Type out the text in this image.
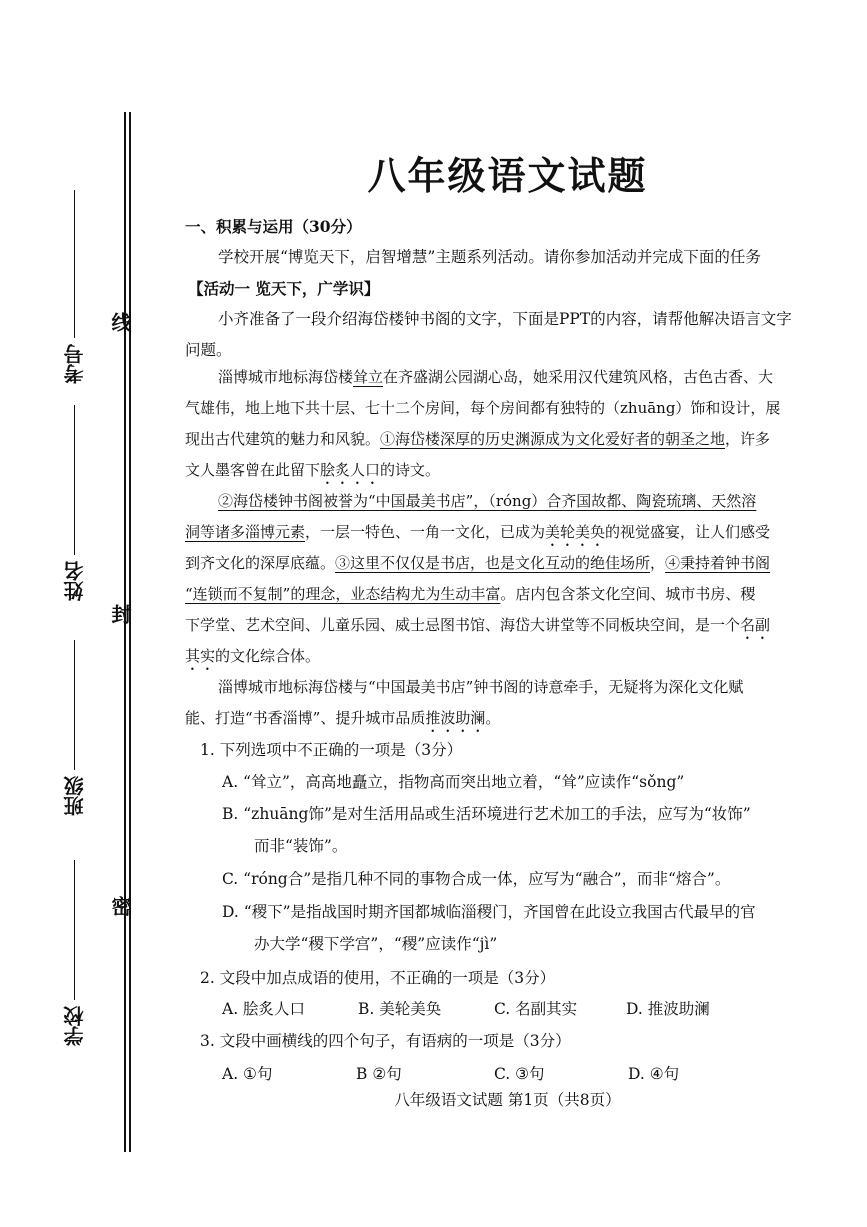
线
封
密
考号
姓名
班级
学校
八年级语文试题
一、积累与运用（30分）
学校开展“博览天下，启智增慧”主题系列活动。请你参加活动并完成下面的任务
【活动一 览天下，广学识】
小齐准备了一段介绍海岱楼钟书阁的文字，下面是PPT的内容，请帮他解决语言文字
问题。
淄博城市地标海岱楼耸立在齐盛湖公园湖心岛，她采用汉代建筑风格，古色古香、大
气雄伟，地上地下共十层、七十二个房间，每个房间都有独特的（zhuāng）饰和设计，展
现出古代建筑的魅力和风貌。①海岱楼深厚的历史渊源成为文化爱好者的朝圣之地，许多
文人墨客曾在此留下脍炙人口的诗文。
②海岱楼钟书阁被誉为“中国最美书店”，（róng）合齐国故都、陶瓷琉璃、天然溶
洞等诸多淄博元素，一层一特色、一角一文化，已成为美轮美奂的视觉盛宴，让人们感受
到齐文化的深厚底蕴。③这里不仅仅是书店，也是文化互动的绝佳场所，④秉持着钟书阁
“连锁而不复制”的理念，业态结构尤为生动丰富。店内包含茶文化空间、城市书房、稷
下学堂、艺术空间、儿童乐园、威士忌图书馆、海岱大讲堂等不同板块空间，是一个名副
其实的文化综合体。
淄博城市地标海岱楼与“中国最美书店”钟书阁的诗意牵手，无疑将为深化文化赋
能、打造“书香淄博”、提升城市品质推波助澜。
1. 下列选项中不正确的一项是（3分）
A. “耸立”，高高地矗立，指物高而突出地立着，“耸”应读作“sǒng”
B. “zhuāng饰”是对生活用品或生活环境进行艺术加工的手法，应写为“妆饰”
而非“装饰”。
C. “róng合”是指几种不同的事物合成一体，应写为“融合”，而非“熔合”。
D. “稷下”是指战国时期齐国都城临淄稷门，齐国曾在此设立我国古代最早的官
办大学“稷下学宫”，“稷”应读作“jì”
2. 文段中加点成语的使用，不正确的一项是（3分）
A. 脍炙人口	B. 美轮美奂	C. 名副其实	D. 推波助澜
3. 文段中画横线的四个句子，有语病的一项是（3分）
A. ①句	B ②句	C. ③句	D. ④句
八年级语文试题 第1页（共8页）
